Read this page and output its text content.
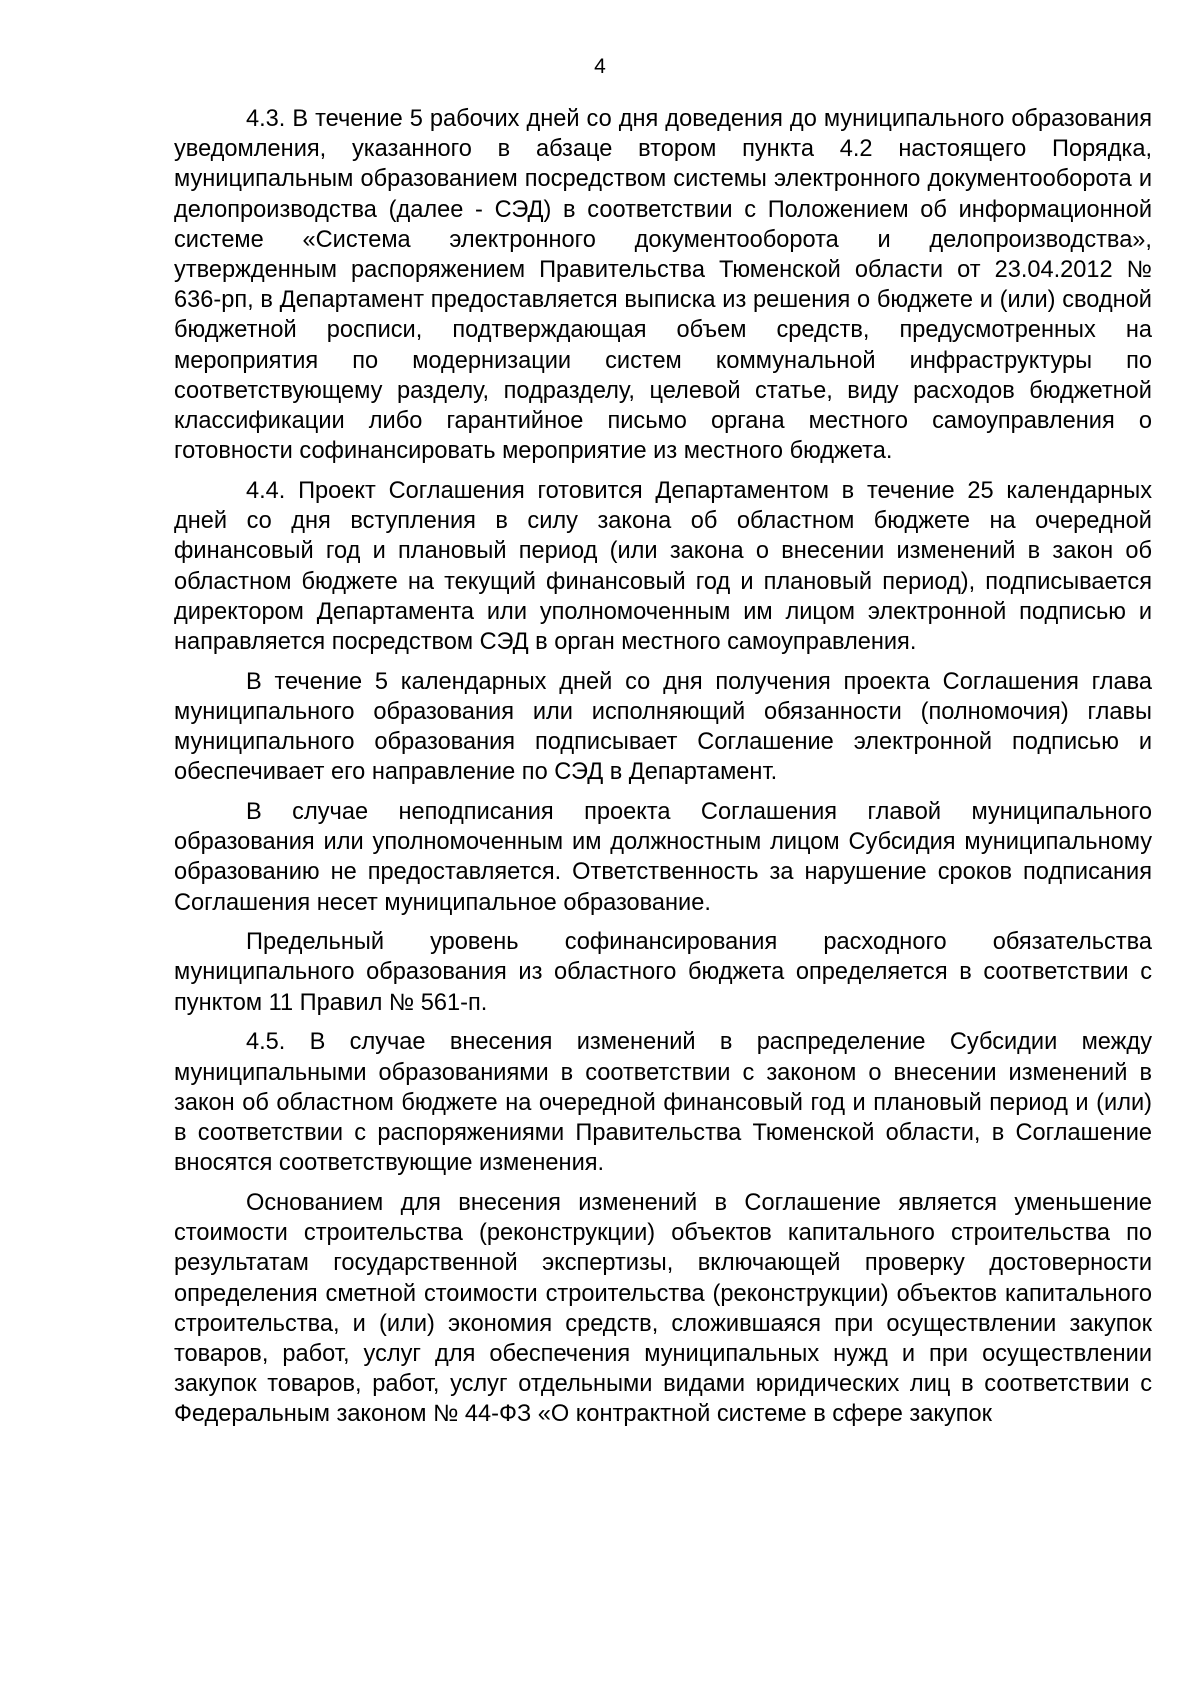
4

4.3. В течение 5 рабочих дней со дня доведения до муниципального образования уведомления, указанного в абзаце втором пункта 4.2 настоящего Порядка, муниципальным образованием посредством системы электронного документооборота и делопроизводства (далее - СЭД) в соответствии с Положением об информационной системе «Система электронного документооборота и делопроизводства», утвержденным распоряжением Правительства Тюменской области от 23.04.2012 № 636-рп, в Департамент предоставляется выписка из решения о бюджете и (или) сводной бюджетной росписи, подтверждающая объем средств, предусмотренных на мероприятия по модернизации систем коммунальной инфраструктуры по соответствующему разделу, подразделу, целевой статье, виду расходов бюджетной классификации либо гарантийное письмо органа местного самоуправления о готовности софинансировать мероприятие из местного бюджета.

4.4. Проект Соглашения готовится Департаментом в течение 25 календарных дней со дня вступления в силу закона об областном бюджете на очередной финансовый год и плановый период (или закона о внесении изменений в закон об областном бюджете на текущий финансовый год и плановый период), подписывается директором Департамента или уполномоченным им лицом электронной подписью и направляется посредством СЭД в орган местного самоуправления.

В течение 5 календарных дней со дня получения проекта Соглашения глава муниципального образования или исполняющий обязанности (полномочия) главы муниципального образования подписывает Соглашение электронной подписью и обеспечивает его направление по СЭД в Департамент.

В случае неподписания проекта Соглашения главой муниципального образования или уполномоченным им должностным лицом Субсидия муниципальному образованию не предоставляется. Ответственность за нарушение сроков подписания Соглашения несет муниципальное образование.

Предельный уровень софинансирования расходного обязательства муниципального образования из областного бюджета определяется в соответствии с пунктом 11 Правил № 561-п.

4.5. В случае внесения изменений в распределение Субсидии между муниципальными образованиями в соответствии с законом о внесении изменений в закон об областном бюджете на очередной финансовый год и плановый период и (или) в соответствии с распоряжениями Правительства Тюменской области, в Соглашение вносятся соответствующие изменения.

Основанием для внесения изменений в Соглашение является уменьшение стоимости строительства (реконструкции) объектов капитального строительства по результатам государственной экспертизы, включающей проверку достоверности определения сметной стоимости строительства (реконструкции) объектов капитального строительства, и (или) экономия средств, сложившаяся при осуществлении закупок товаров, работ, услуг для обеспечения муниципальных нужд и при осуществлении закупок товаров, работ, услуг отдельными видами юридических лиц в соответствии с Федеральным законом № 44-ФЗ «О контрактной системе в сфере закупок
